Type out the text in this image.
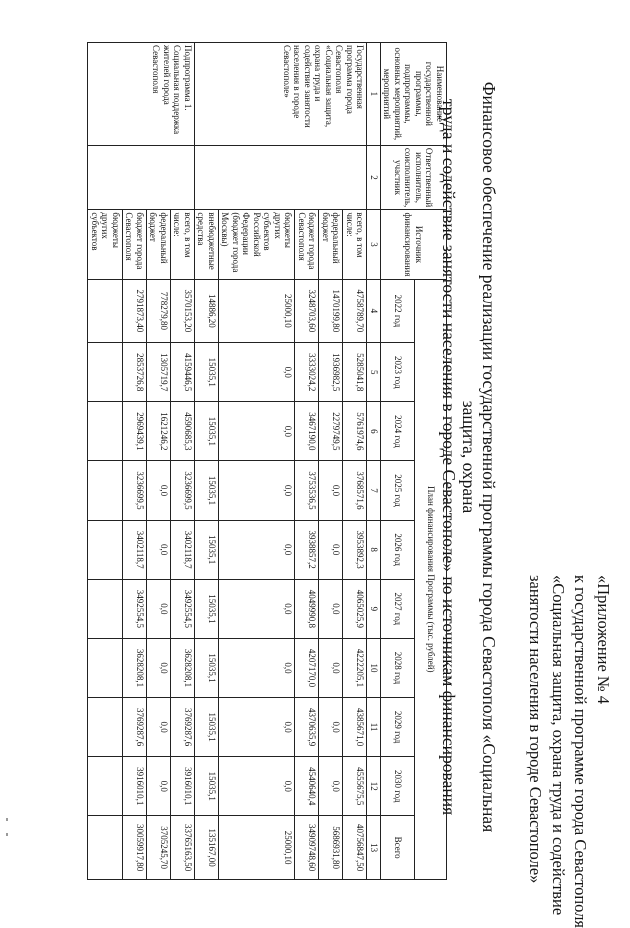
«Приложение № 4
к государственной программе города Севастополя
«Социальная защита, охрана труда и содействие
занятости населения в городе Севастополе»
Финансовое обеспечение реализации государственной программы города Севастополя «Социальная защита, охрана
труда и содействие занятости населения в городе Севастополе» по источникам финансирования
Наименование государственной программы, подпрограммы, основных мероприятий, мероприятий	Ответственный исполнитель, соисполнитель, участник	Источник финансирования	План финансирования Программы (тыс. рублей)									
			2022 год	2023 год	2024 год	2025 год	2026 год	2027 год	2028 год	2029 год	2030 год	Всего
1	2	3	4	5	6	7	8	9	10	11	12	13
Государственная программа города Севастополя «Социальная защита, охрана труда и содействие занятости населения в городе Севастополе»		всего, в том числе:	4758789,70	5285041,8	5761974,6	3768571,6	3953892,3	4065025,9	4222205,1	4385671,0	4555675,5	40756847,50
		федеральный бюджет	1470199,80	1936982,5	2279749,5	0,0	0,0	0,0	0,0	0,0	0,0	5686931,80
		бюджет города Севастополя	3248703,60	3333024,2	3467190,0	3753536,5	3938857,2	4049990,8	4207170,0	4370635,9	4540640,4	34909748,60
		бюджеты других субъектов Российской Федерации (бюджет города Москвы)	25000,10	0,0	0,0	0,0	0,0	0,0	0,0	0,0	0,0	25000,10
		внебюджетные средства	14886,20	15035,1	15035,1	15035,1	15035,1	15035,1	15035,1	15035,1	15035,1	135167,00
Подпрограмма 1. Социальная поддержка жителей города Севастополя		всего, в том числе:	3570153,20	4159446,5	4590685,3	3236699,5	3402118,7	3492554,5	3628208,1	3769287,6	3916010,1	33765163,50
		федеральный бюджет	778279,80	1305719,7	1621246,2	0,0	0,0	0,0	0,0	0,0	0,0	3705245,70
		бюджет города Севастополя	2791873,40	2853726,8	2969439,1	3236699,5	3402118,7	3492554,5	3628208,1	3769287,6	3916010,1	30059917,80
		бюджеты других субъектов										
